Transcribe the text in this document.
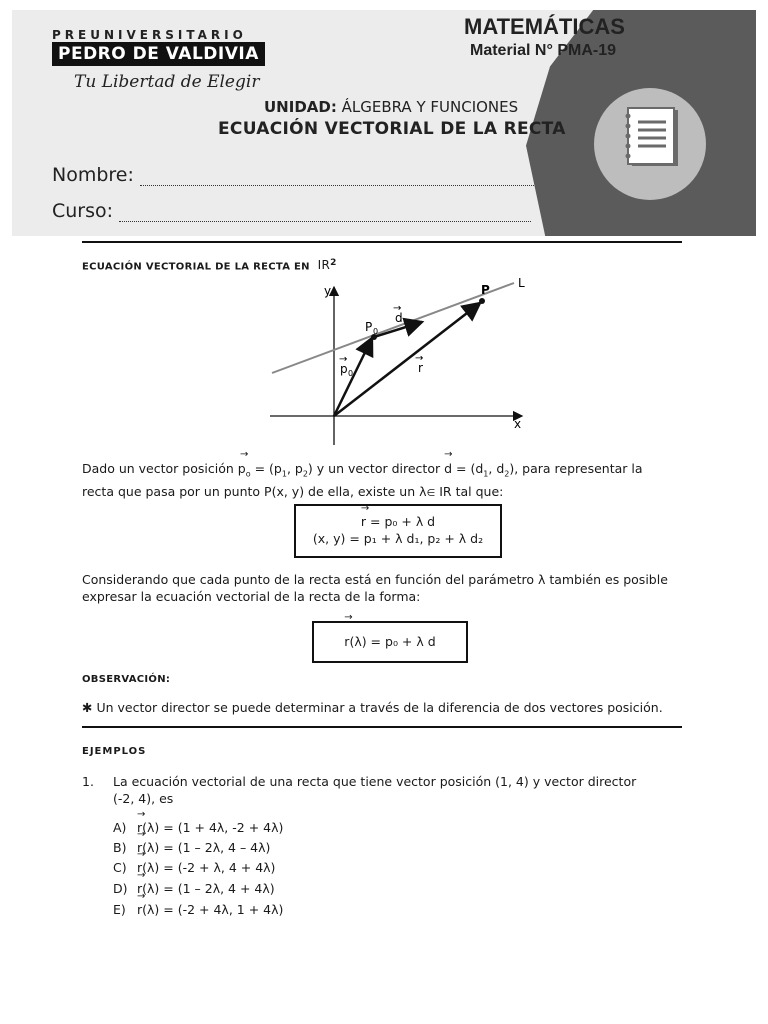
PREUNIVERSITARIO
PEDRO DE VALDIVIA
Tu Libertad de Elegir
MATEMÁTICAS
Material N° PMA-19
UNIDAD: ÁLGEBRA Y FUNCIONES
ECUACIÓN VECTORIAL DE LA RECTA
Nombre:
Curso:
ECUACIÓN VECTORIAL DE LA RECTA EN $IR^2$
y
x
L
P
P 0
d
→
r
→
p 0
→
Dado un vector posición → $p_o = (p_1$, $p_2$) y un vector director → $d = (d_1$, $d_2$), para representar la
recta que pasa por un punto P(x, y) de ella, existe un λ∈ IR tal que:
→ r = p₀ + λ d
(x, y) = p₁ + λ d₁, p₂ + λ d₂
Considerando que cada punto de la recta está en función del parámetro λ también es posible
expresar la ecuación vectorial de la recta de la forma:
→ r(λ) = p₀ + λ d
OBSERVACIÓN:
✱ Un vector director se puede determinar a través de la diferencia de dos vectores posición.
EJEMPLOS
1. La ecuación vectorial de una recta que tiene vector posición (1, 4) y vector director
(-2, 4), es
A) → r(λ) = (1 + 4λ, -2 + 4λ)
B) → r(λ) = (1 – 2λ, 4 – 4λ)
C) → r(λ) = (-2 + λ, 4 + 4λ)
D) → r(λ) = (1 – 2λ, 4 + 4λ)
E) → r(λ) = (-2 + 4λ, 1 + 4λ)
